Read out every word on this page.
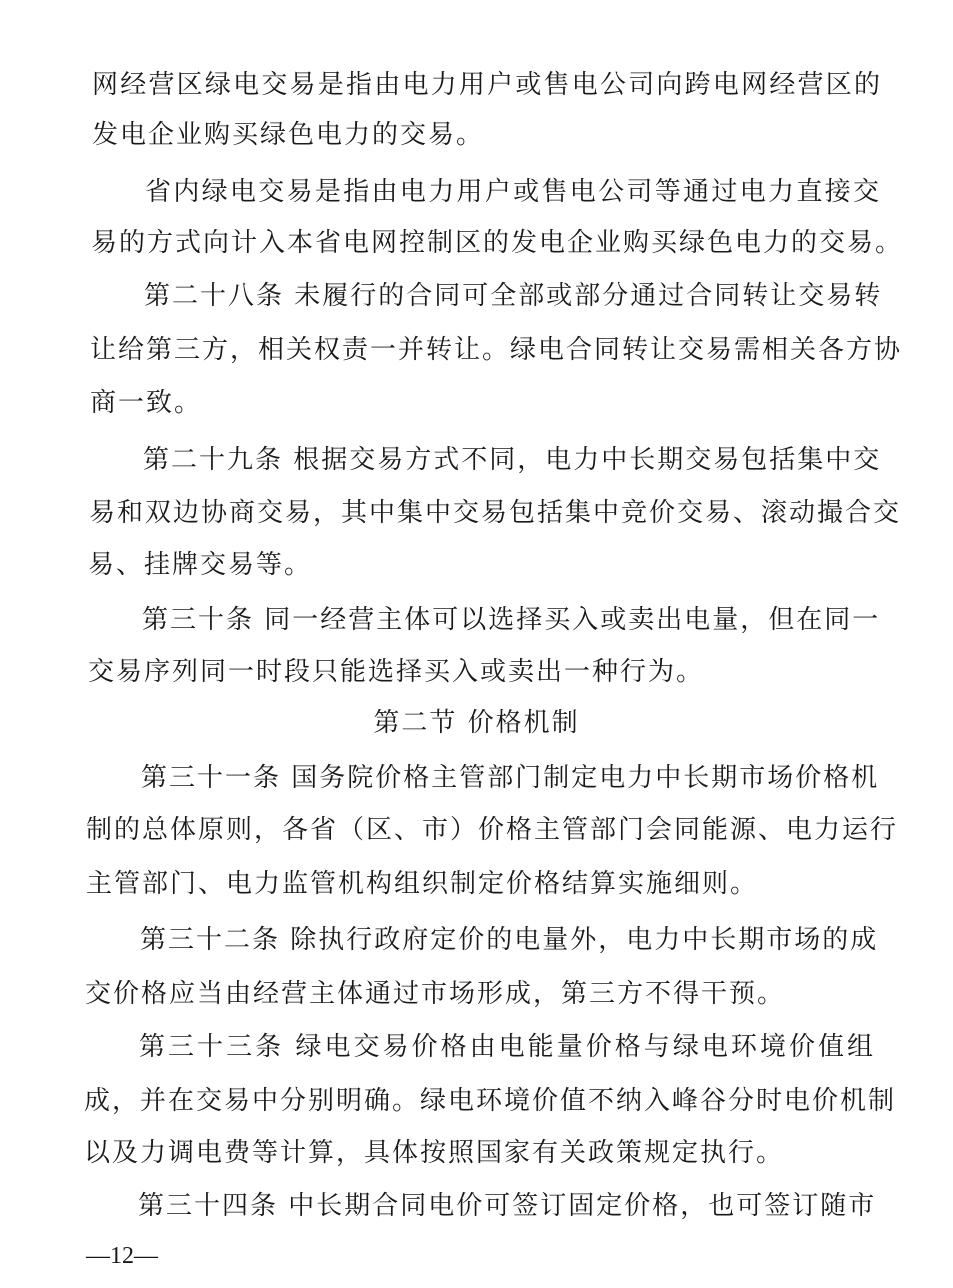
—12—
网经营区绿电交易是指由电力用户或售电公司向跨电网经营区的
发电企业购买绿色电力的交易。
省内绿电交易是指由电力用户或售电公司等通过电力直接交
易的方式向计入本省电网控制区的发电企业购买绿色电力的交易。
第二十八条 未履行的合同可全部或部分通过合同转让交易转
让给第三方，相关权责一并转让。绿电合同转让交易需相关各方协
商一致。
第二十九条 根据交易方式不同，电力中长期交易包括集中交
易和双边协商交易，其中集中交易包括集中竞价交易、滚动撮合交
易、挂牌交易等。
第三十条 同一经营主体可以选择买入或卖出电量，但在同一
交易序列同一时段只能选择买入或卖出一种行为。
第二节 价格机制
第三十一条 国务院价格主管部门制定电力中长期市场价格机
制的总体原则，各省（区、市）价格主管部门会同能源、电力运行
主管部门、电力监管机构组织制定价格结算实施细则。
第三十二条 除执行政府定价的电量外，电力中长期市场的成
交价格应当由经营主体通过市场形成，第三方不得干预。
第三十三条 绿电交易价格由电能量价格与绿电环境价值组
成，并在交易中分别明确。绿电环境价值不纳入峰谷分时电价机制
以及力调电费等计算，具体按照国家有关政策规定执行。
第三十四条 中长期合同电价可签订固定价格，也可签订随市
